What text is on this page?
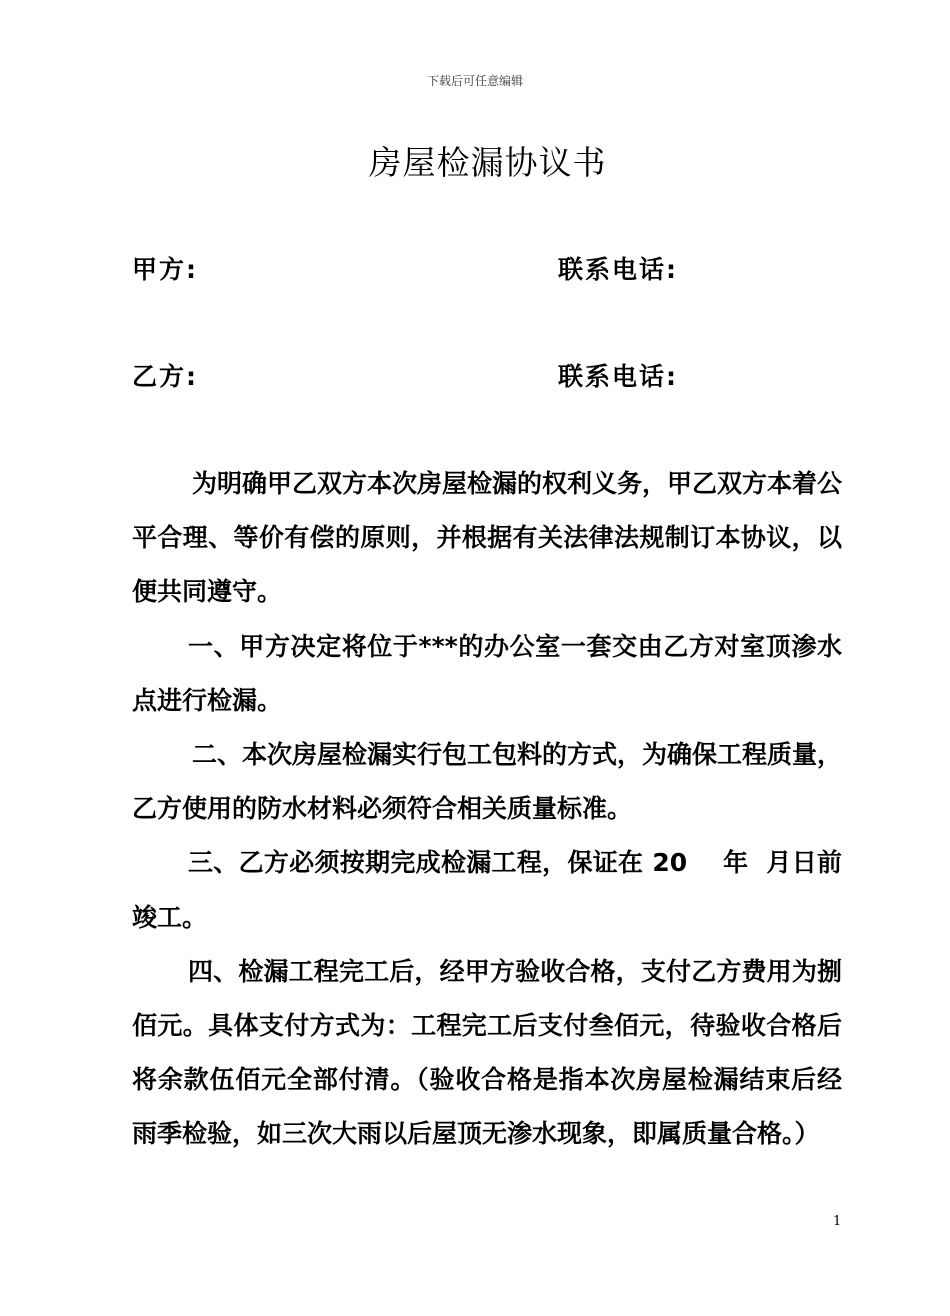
下载后可任意编辑
房屋检漏协议书
甲方:	联系电话:
乙方:	联系电话:

为明确甲乙双方本次房屋检漏的权利义务，甲乙双方本着公平合理、等价有偿的原则，并根据有关法律法规制订本协议，以便共同遵守。

一、甲方决定将位于***的办公室一套交由乙方对室顶渗水点进行检漏。

二、本次房屋检漏实行包工包料的方式，为确保工程质量，乙方使用的防水材料必须符合相关质量标准。

三、乙方必须按期完成检漏工程，保证在 20    年  月日前竣工。

四、检漏工程完工后，经甲方验收合格，支付乙方费用为捌佰元。具体支付方式为：工程完工后支付叁佰元，待验收合格后将余款伍佰元全部付清。（验收合格是指本次房屋检漏结束后经雨季检验，如三次大雨以后屋顶无渗水现象，即属质量合格。）

1
